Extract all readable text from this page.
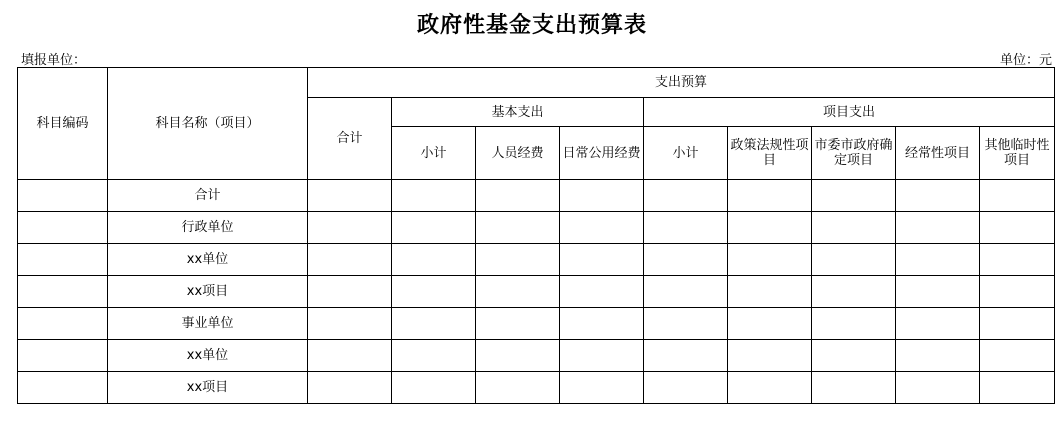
政府性基金支出预算表
填报单位：	单位：元
科目编码	科目名称（项目）	支出预算								
		合计	基本支出			项目支出				
			小计	人员经费	日常公用经费	小计	政策法规性项目	市委市政府确定项目	经常性项目	其他临时性项目
	合计									
	行政单位									
	xx单位									
	xx项目									
	事业单位									
	xx单位									
	xx项目									
